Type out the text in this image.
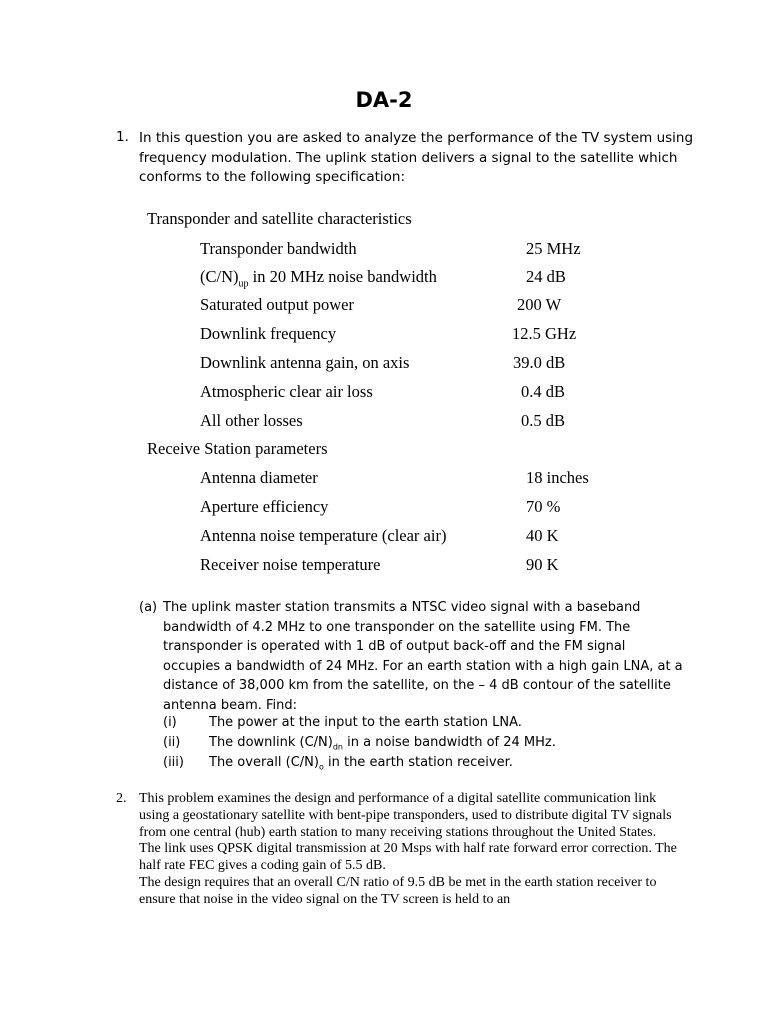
DA-2
1. In this question you are asked to analyze the performance of the TV system using frequency modulation. The uplink station delivers a signal to the satellite which conforms to the following specification:
Transponder and satellite characteristics
Transponder bandwidth	25 MHz
$(C/N)_{up}$ in 20 MHz noise bandwidth	24 dB
Saturated output power	200 W
Downlink frequency	12.5 GHz
Downlink antenna gain, on axis	39.0 dB
Atmospheric clear air loss	0.4 dB
All other losses	0.5 dB
Receive Station parameters
Antenna diameter	18 inches
Aperture efficiency	70 %
Antenna noise temperature (clear air)	40 K
Receiver noise temperature	90 K
(a) The uplink master station transmits a NTSC video signal with a baseband bandwidth of 4.2 MHz to one transponder on the satellite using FM. The transponder is operated with 1 dB of output back-off and the FM signal occupies a bandwidth of 24 MHz. For an earth station with a high gain LNA, at a distance of 38,000 km from the satellite, on the – 4 dB contour of the satellite antenna beam. Find:
(i) The power at the input to the earth station LNA.
(ii) The downlink $(C/N)_{dn}$ in a noise bandwidth of 24 MHz.
(iii) The overall $(C/N)_o$ in the earth station receiver.
2. This problem examines the design and performance of a digital satellite communication link using a geostationary satellite with bent-pipe transponders, used to distribute digital TV signals from one central (hub) earth station to many receiving stations throughout the United States. The link uses QPSK digital transmission at 20 Msps with half rate forward error correction. The half rate FEC gives a coding gain of 5.5 dB.
The design requires that an overall C/N ratio of 9.5 dB be met in the earth station receiver to ensure that noise in the video signal on the TV screen is held to an
